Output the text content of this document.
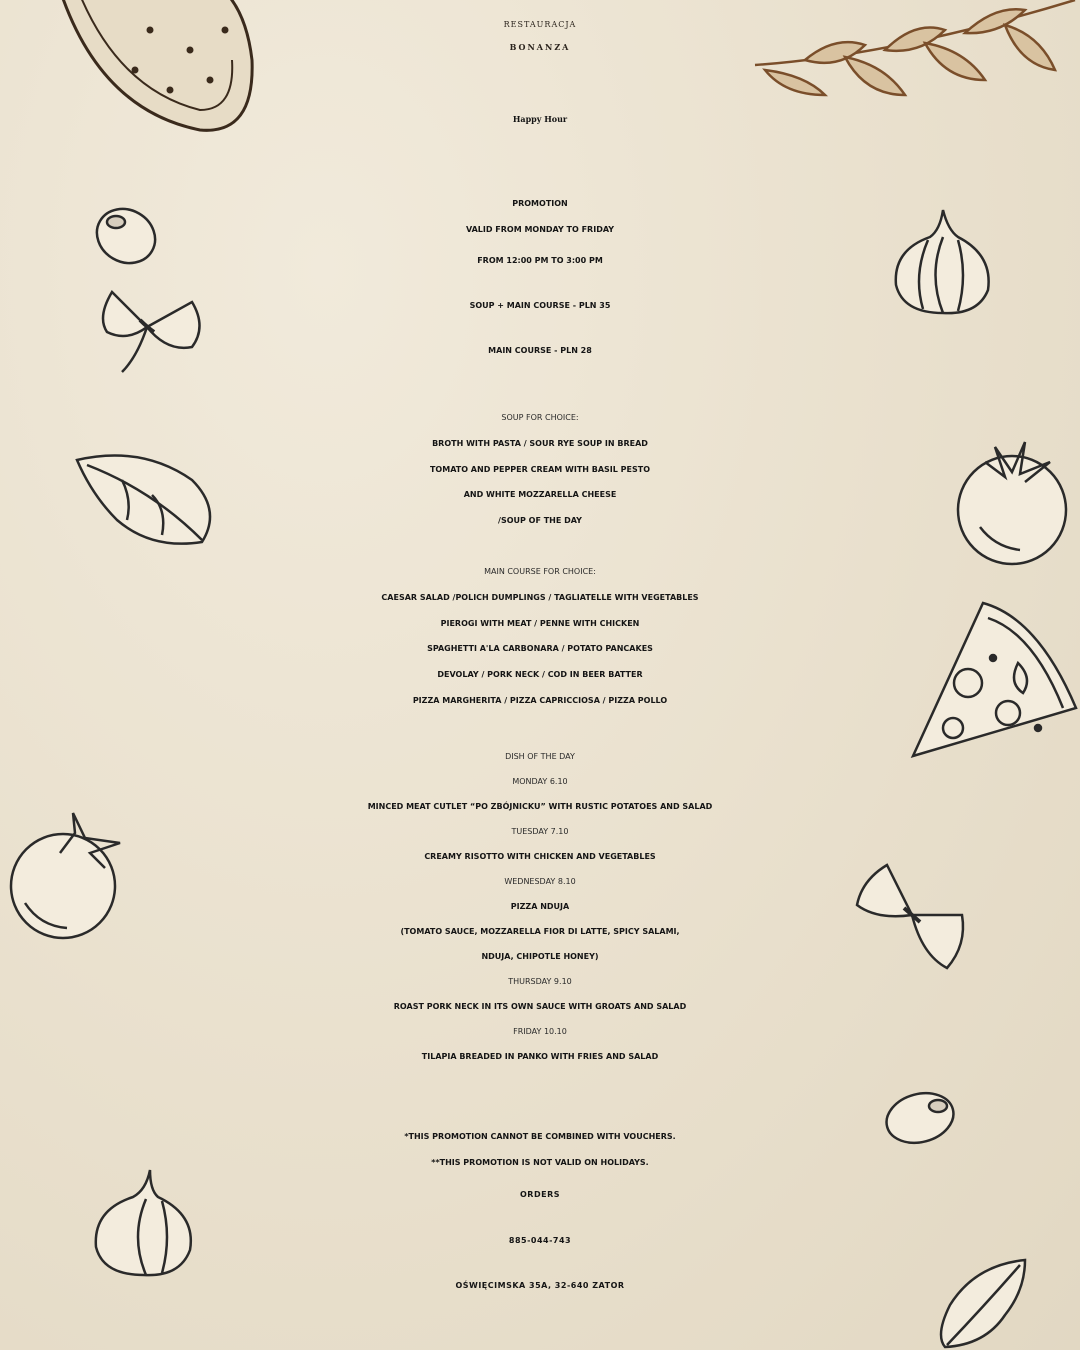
RESTAURACJA
BONANZA
Happy Hour
PROMOTION
VALID FROM MONDAY TO FRIDAY
FROM 12:00 PM TO 3:00 PM
SOUP + MAIN COURSE - PLN 35
MAIN COURSE - PLN 28
SOUP FOR CHOICE:
BROTH WITH PASTA / SOUR RYE SOUP IN BREAD
TOMATO AND PEPPER CREAM WITH BASIL PESTO
AND WHITE MOZZARELLA CHEESE
/SOUP OF THE DAY
MAIN COURSE FOR CHOICE:
CAESAR SALAD /POLICH DUMPLINGS / TAGLIATELLE WITH VEGETABLES
PIEROGI WITH MEAT / PENNE WITH CHICKEN
SPAGHETTI A'LA CARBONARA / POTATO PANCAKES
DEVOLAY / PORK NECK / COD IN BEER BATTER
PIZZA MARGHERITA / PIZZA CAPRICCIOSA / PIZZA POLLO
DISH OF THE DAY
MONDAY 6.10
MINCED MEAT CUTLET “PO ZBÓJNICKU” WITH RUSTIC POTATOES AND SALAD
TUESDAY 7.10
CREAMY RISOTTO WITH CHICKEN AND VEGETABLES
WEDNESDAY 8.10
PIZZA NDUJA
(TOMATO SAUCE, MOZZARELLA FIOR DI LATTE, SPICY SALAMI,
NDUJA, CHIPOTLE HONEY)
THURSDAY 9.10
ROAST PORK NECK IN ITS OWN SAUCE WITH GROATS AND SALAD
FRIDAY 10.10
TILAPIA BREADED IN PANKO WITH FRIES AND SALAD
*THIS PROMOTION CANNOT BE COMBINED WITH VOUCHERS.
**THIS PROMOTION IS NOT VALID ON HOLIDAYS.
ORDERS
885-044-743
OŚWIĘCIMSKA 35A, 32-640 ZATOR
